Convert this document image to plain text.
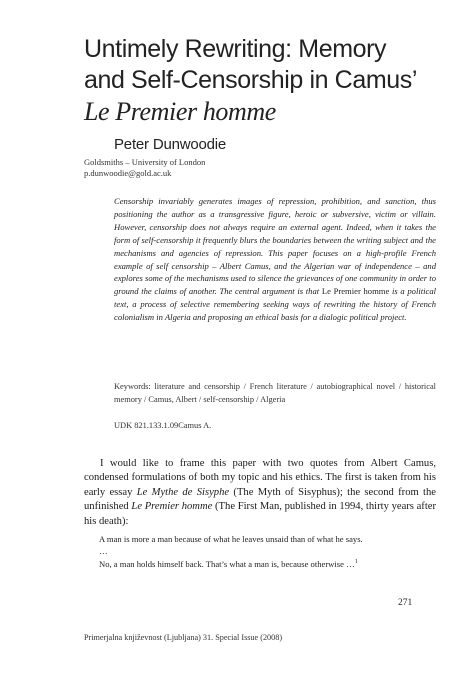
Untimely Rewriting: Memory
and Self-Censorship in Camus’
Le Premier homme
Peter Dunwoodie
Goldsmiths – University of London
p.dunwoodie@gold.ac.uk
Censorship invariably generates images of repression, prohibition, and sanction, thus positioning the author as a transgressive figure, heroic or subversive, victim or villain. However, censorship does not always require an external agent. Indeed, when it takes the form of self-censorship it frequently blurs the boundaries between the writing subject and the mechanisms and agencies of repression. This paper focuses on a high-profile French example of self censorship – Albert Camus, and the Algerian war of independence – and explores some of the mechanisms used to silence the grievances of one community in order to ground the claims of another. The central argument is that Le Premier homme is a political text, a process of selective remembering seeking ways of rewriting the history of French colonialism in Algeria and proposing an ethical basis for a dialogic political project.
Keywords: literature and censorship / French literature / autobiographical novel / historical memory / Camus, Albert / self-censorship / Algeria
UDK 821.133.1.09Camus A.

I would like to frame this paper with two quotes from Albert Camus, condensed formulations of both my topic and his ethics. The first is taken from his early essay Le Mythe de Sisyphe (The Myth of Sisyphus); the second from the unfinished Le Premier homme (The First Man, published in 1994, thirty years after his death):

A man is more a man because of what he leaves unsaid than of what he says.
…
No, a man holds himself back. That’s what a man is, because otherwise …$^1$
271
Primerjalna književnost (Ljubljana) 31. Special Issue (2008)
